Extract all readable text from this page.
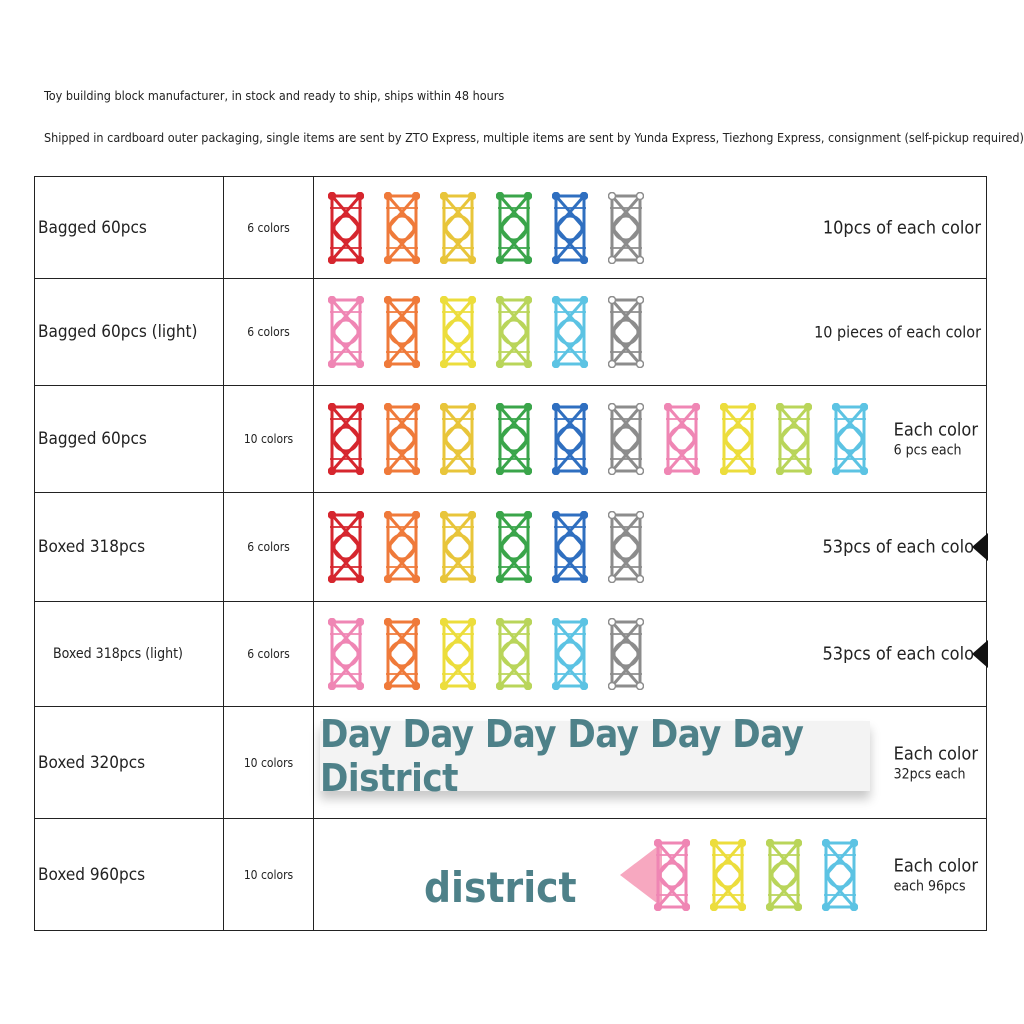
Toy building block manufacturer, in stock and ready to ship, ships within 48 hours
Shipped in cardboard outer packaging, single items are sent by ZTO Express, multiple items are sent by Yunda Express, Tiezhong Express, consignment (self-pickup required)
Bagged 60pcs	6 colors	10pcs of each color

Bagged 60pcs (light)	6 colors	10 pieces of each color

Bagged 60pcs	10 colors	Each color
6 pcs each

Boxed 318pcs	6 colors	53pcs of each colo

Boxed 318pcs (light)	6 colors	53pcs of each colo

Boxed 320pcs	10 colors	Day Day Day Day Day Day District
Each color
32pcs each

Boxed 960pcs	10 colors	district Each color
each 96pcs
